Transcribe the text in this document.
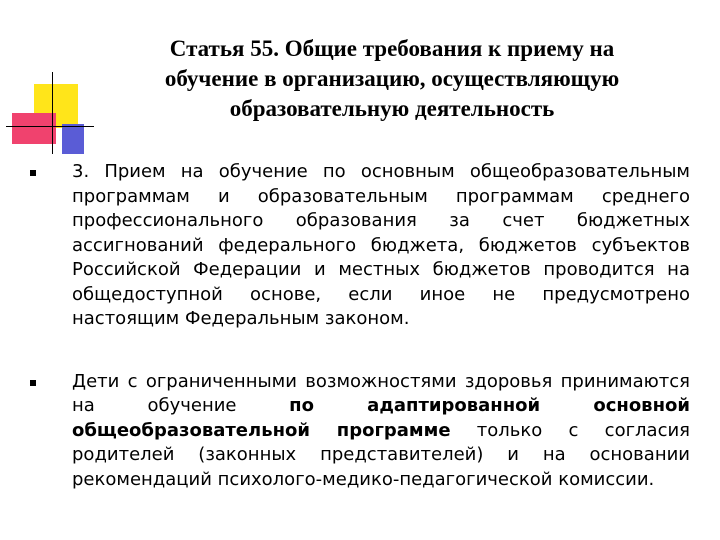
Статья 55. Общие требования к приему на
обучение в организацию, осуществляющую
образовательную деятельность
3. Прием на обучение по основным общеобразовательным программам и образовательным программам среднего профессионального образования за счет бюджетных ассигнований федерального бюджета, бюджетов субъектов Российской Федерации и местных бюджетов проводится на общедоступной основе, если иное не предусмотрено настоящим Федеральным законом.
Дети с ограниченными возможностями здоровья принимаются на обучение по адаптированной основной общеобразовательной программе только с согласия родителей (законных представителей) и на основании рекомендаций психолого-медико-педагогической комиссии.
